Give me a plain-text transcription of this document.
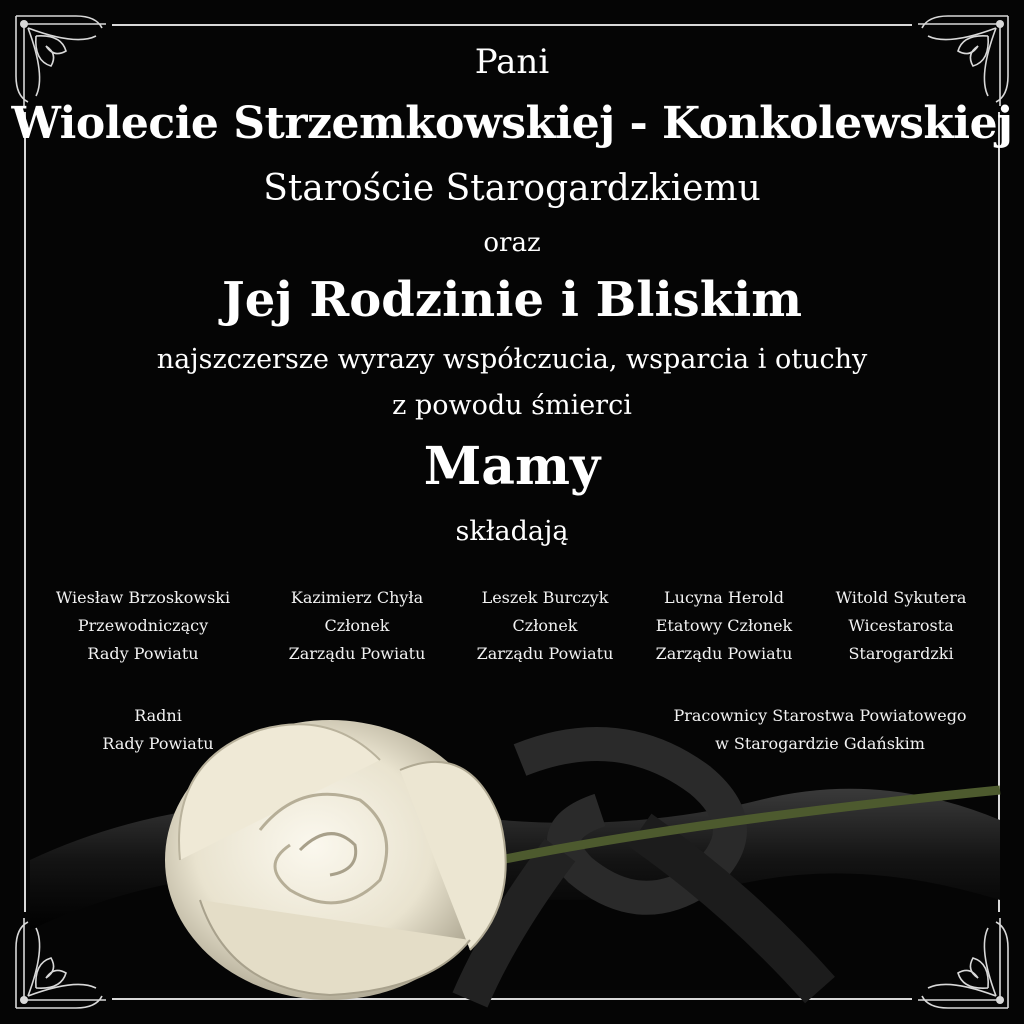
Pani
Wiolecie Strzemkowskiej - Konkolewskiej
Staroście Starogardzkiemu
oraz
Jej Rodzinie i Bliskim
najszczersze wyrazy współczucia, wsparcia i otuchy
z powodu śmierci
Mamy
składają
Wiesław Brzoskowski
Przewodniczący
Rady Powiatu
Kazimierz Chyła
Członek
Zarządu Powiatu
Leszek Burczyk
Członek
Zarządu Powiatu
Lucyna Herold
Etatowy Członek
Zarządu Powiatu
Witold Sykutera
Wicestarosta
Starogardzki
Radni
Rady Powiatu
Pracownicy Starostwa Powiatowego
w Starogardzie Gdańskim
